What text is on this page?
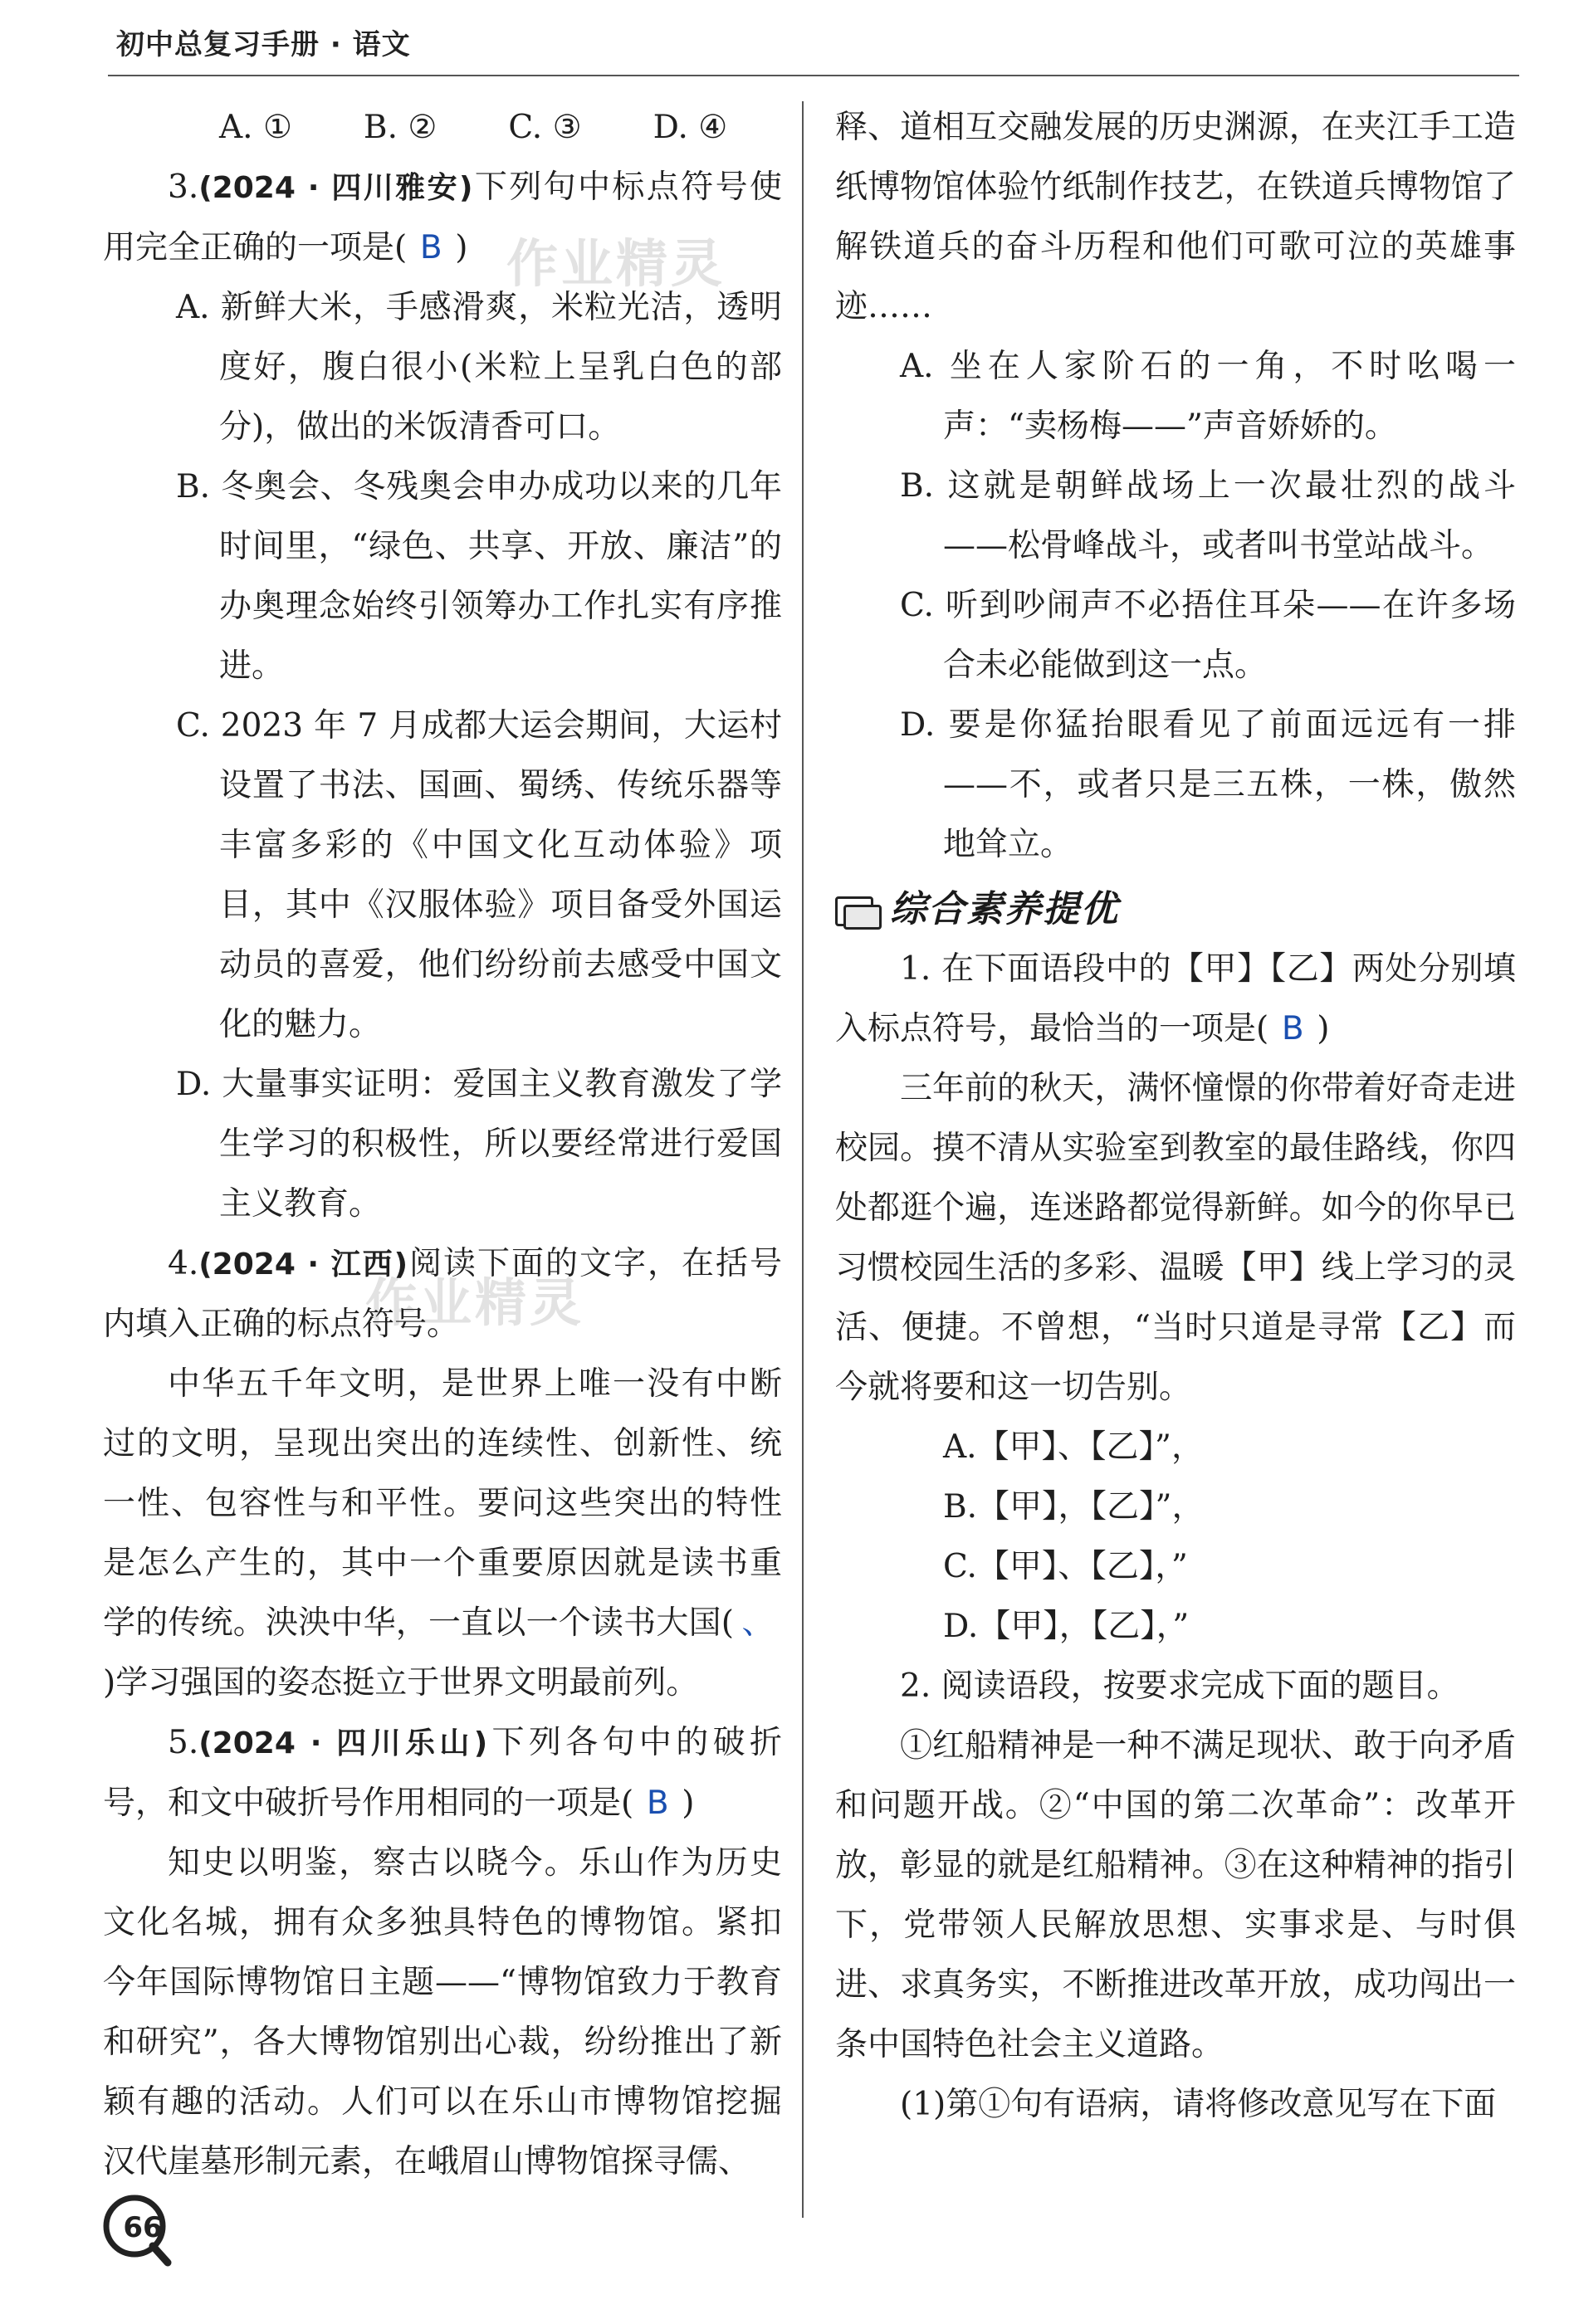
初中总复习手册 · 语文
作业精灵
作业精灵
A. ① B. ② C. ③ D. ④

3.(2024 · 四川雅安)下列句中标点符号使用完全正确的一项是( B )

A. 新鲜大米，手感滑爽，米粒光洁，透明度好，腹白很小(米粒上呈乳白色的部分)，做出的米饭清香可口。

B. 冬奥会、冬残奥会申办成功以来的几年时间里，“绿色、共享、开放、廉洁”的办奥理念始终引领筹办工作扎实有序推进。

C. 2023 年 7 月成都大运会期间，大运村设置了书法、国画、蜀绣、传统乐器等丰富多彩的《中国文化互动体验》项目，其中《汉服体验》项目备受外国运动员的喜爱，他们纷纷前去感受中国文化的魅力。

D. 大量事实证明：爱国主义教育激发了学生学习的积极性，所以要经常进行爱国主义教育。

4.(2024 · 江西)阅读下面的文字，在括号内填入正确的标点符号。

中华五千年文明，是世界上唯一没有中断过的文明，呈现出突出的连续性、创新性、统一性、包容性与和平性。要问这些突出的特性是怎么产生的，其中一个重要原因就是读书重学的传统。泱泱中华，一直以一个读书大国( 、)学习强国的姿态挺立于世界文明最前列。

5.(2024 · 四川乐山)下列各句中的破折号，和文中破折号作用相同的一项是( B )

知史以明鉴，察古以晓今。乐山作为历史文化名城，拥有众多独具特色的博物馆。紧扣今年国际博物馆日主题——“博物馆致力于教育和研究”，各大博物馆别出心裁，纷纷推出了新颖有趣的活动。人们可以在乐山市博物馆挖掘汉代崖墓形制元素，在峨眉山博物馆探寻儒、

释、道相互交融发展的历史渊源，在夹江手工造纸博物馆体验竹纸制作技艺，在铁道兵博物馆了解铁道兵的奋斗历程和他们可歌可泣的英雄事迹……

A. 坐在人家阶石的一角，不时吆喝一声：“卖杨梅——”声音娇娇的。

B. 这就是朝鲜战场上一次最壮烈的战斗——松骨峰战斗，或者叫书堂站战斗。

C. 听到吵闹声不必捂住耳朵——在许多场合未必能做到这一点。

D. 要是你猛抬眼看见了前面远远有一排——不，或者只是三五株，一株，傲然地耸立。

综合素养提优

1. 在下面语段中的【甲】【乙】两处分别填入标点符号，最恰当的一项是( B )

三年前的秋天，满怀憧憬的你带着好奇走进校园。摸不清从实验室到教室的最佳路线，你四处都逛个遍，连迷路都觉得新鲜。如今的你早已习惯校园生活的多彩、温暖【甲】线上学习的灵活、便捷。不曾想，“当时只道是寻常【乙】而今就将要和这一切告别。

A.【甲】、【乙】”，

B.【甲】，【乙】”，

C.【甲】、【乙】，”

D.【甲】，【乙】，”

2. 阅读语段，按要求完成下面的题目。

①红船精神是一种不满足现状、敢于向矛盾和问题开战。②“中国的第二次革命”：改革开放，彰显的就是红船精神。③在这种精神的指引下，党带领人民解放思想、实事求是、与时俱进、求真务实，不断推进改革开放，成功闯出一条中国特色社会主义道路。

(1)第①句有语病，请将修改意见写在下面

66
